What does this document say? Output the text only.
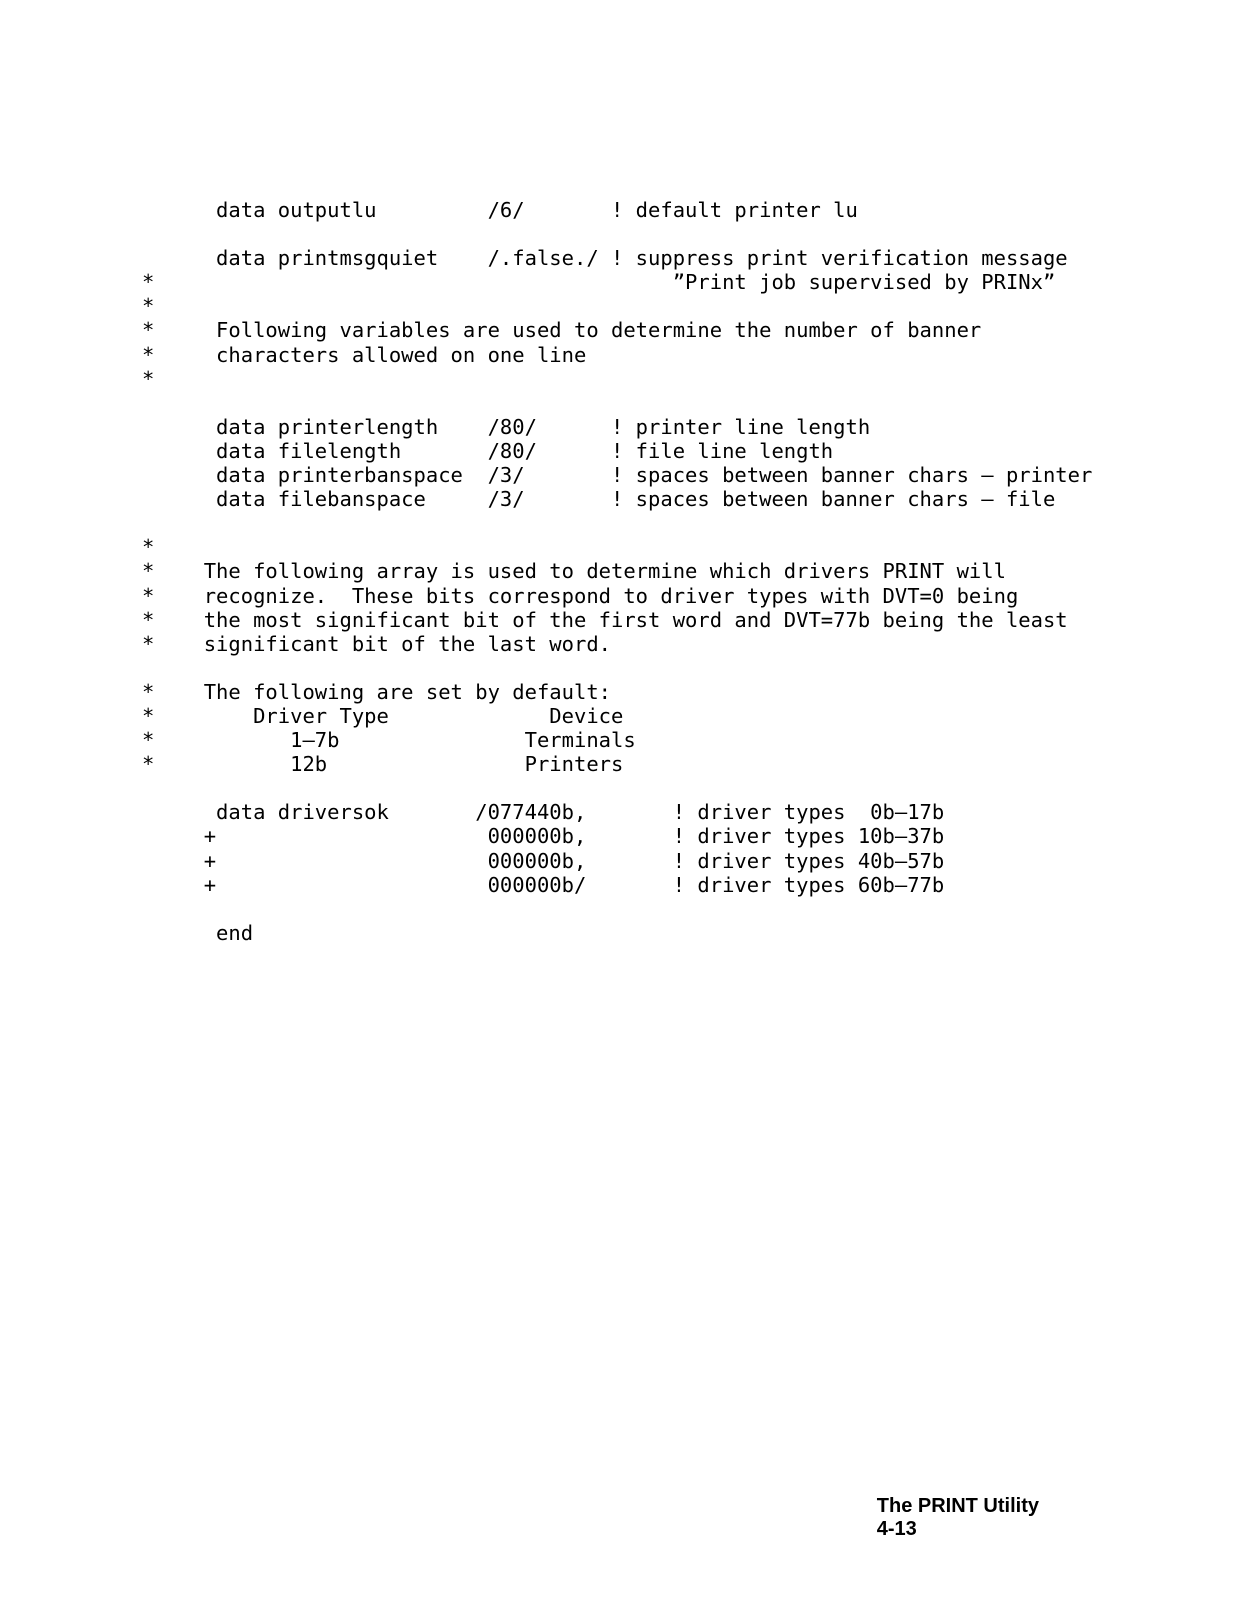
data outputlu         /6/       ! default printer lu

data printmsgquiet    /.false./ ! suppress print verification message
*                                          ”Print job supervised by PRINx”
*
*     Following variables are used to determine the number of banner
*     characters allowed on one line
*

data printerlength    /80/      ! printer line length
data filelength       /80/      ! file line length
data printerbanspace  /3/       ! spaces between banner chars – printer
data filebanspace     /3/       ! spaces between banner chars – file

*
*    The following array is used to determine which drivers PRINT will
*    recognize.  These bits correspond to driver types with DVT=0 being
*    the most significant bit of the first word and DVT=77b being the least
*    significant bit of the last word.

*    The following are set by default:
*        Driver Type             Device
*           1–7b               Terminals
*           12b                Printers

data driversok       /077440b,       ! driver types  0b–17b
+                      000000b,       ! driver types 10b–37b
+                      000000b,       ! driver types 40b–57b
+                      000000b/       ! driver types 60b–77b

end

The PRINT Utility
4-13
